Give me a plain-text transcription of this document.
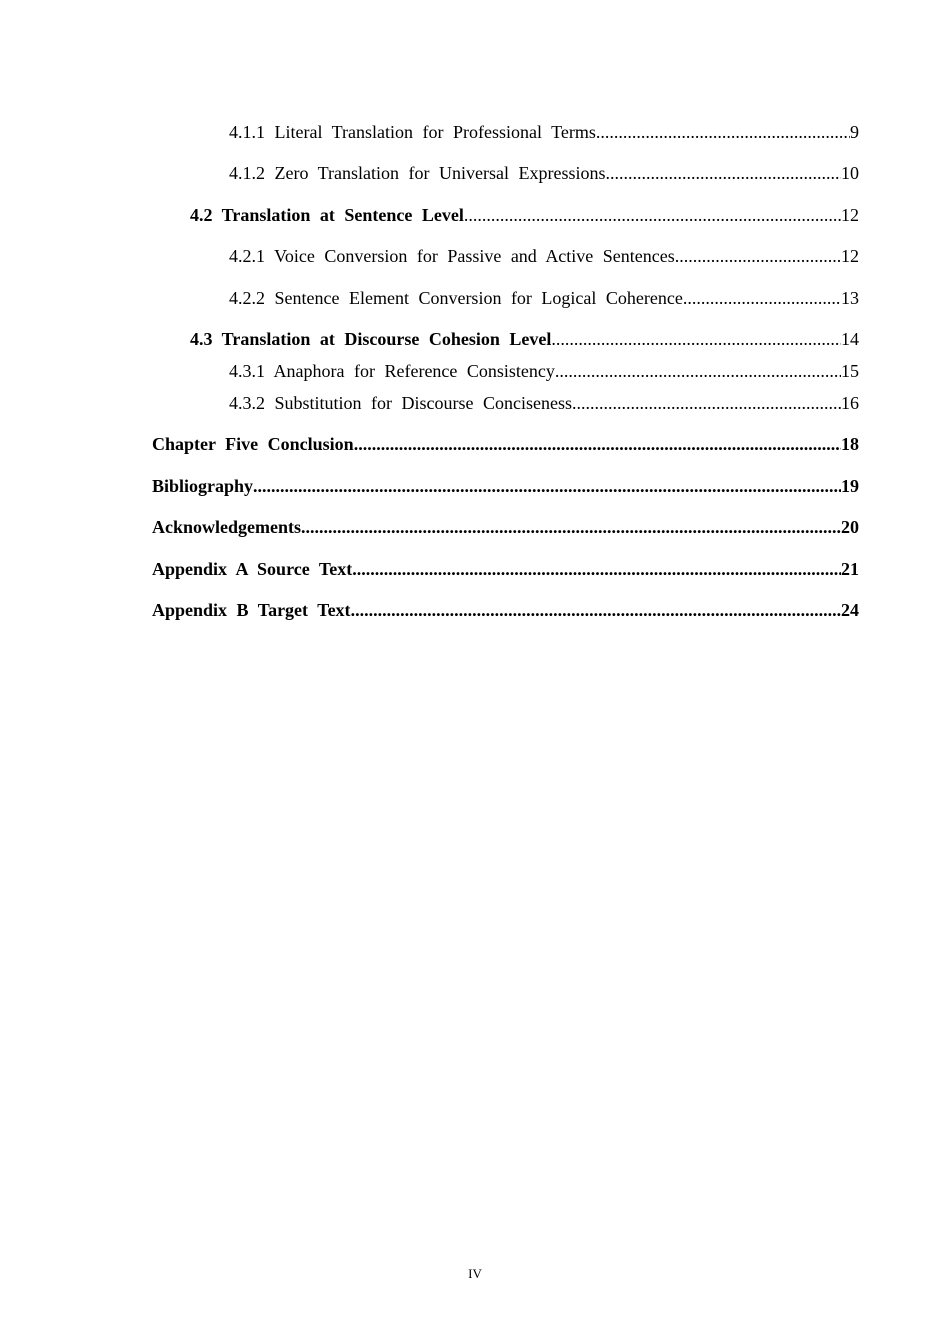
4.1.1 Literal Translation for Professional Terms .....	9
4.1.2 Zero Translation for Universal Expressions .....	10
4.2 Translation at Sentence Level .....	12
4.2.1 Voice Conversion for Passive and Active Sentences .....	12
4.2.2 Sentence Element Conversion for Logical Coherence .....	13
4.3 Translation at Discourse Cohesion Level .....	14
4.3.1 Anaphora for Reference Consistency .....	15
4.3.2 Substitution for Discourse Conciseness .....	16
Chapter Five Conclusion .....	18
Bibliography .....	19
Acknowledgements .....	20
Appendix A Source Text .....	21
Appendix B Target Text .....	24
IV
